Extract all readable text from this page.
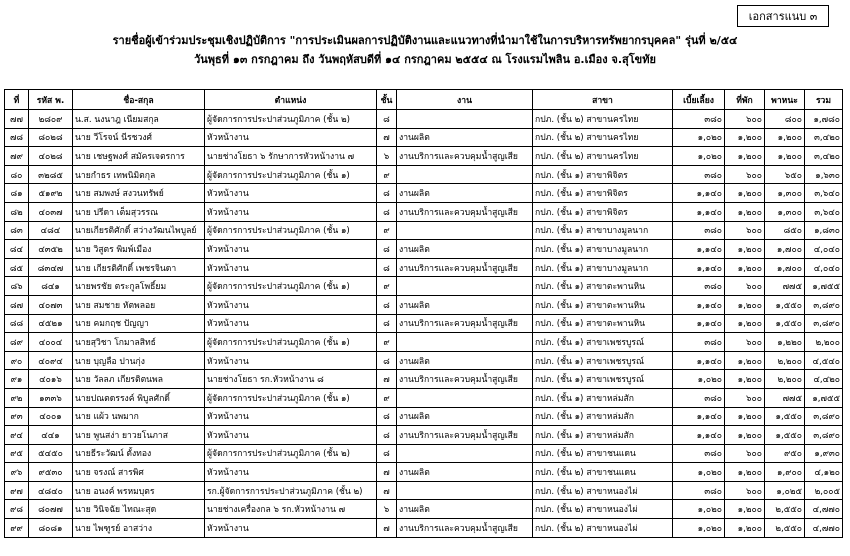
เอกสารแนบ ๓
รายชื่อผู้เข้าร่วมประชุมเชิงปฏิบัติการ "การประเมินผลการปฏิบัติงานและแนวทางที่นำมาใช้ในการบริหารทรัพยากรบุคคล" รุ่นที่ ๒/๕๔
วันพุธที่ ๑๓ กรกฎาคม ถึง วันพฤหัสบดีที่ ๑๔ กรกฎาคม ๒๕๕๔ ณ โรงแรมไพลิน อ.เมือง จ.สุโขทัย
ที่	รหัส พ.	ชื่อ-สกุล	ตำแหน่ง	ชั้น	งาน	สาขา	เบี้ยเลี้ยง	ที่พัก	พาหนะ	รวม
๗๗	๒๘๐๙	น.ส. นงนาฎ เนียมสกุล	ผู้จัดการการประปาส่วนภูมิภาค (ชั้น ๒)	๘		กปภ. (ชั้น ๒) สาขานครไทย	๓๘๐	๖๐๐	๘๐๐	๑,๗๘๐
๗๘	๘๐๒๘	นาย วีโรจน์ นีรชวงศ์	หัวหน้างาน	๗	งานผลิต	กปภ. (ชั้น ๒) สาขานครไทย	๑,๐๒๐	๑,๒๐๐	๑,๒๐๐	๓,๔๒๐
๗๙	๔๐๒๘	นาย เชษฐพงศ์ สมัครเจตรการ	นายช่างโยธา ๖ รักษาการหัวหน้างาน ๗	๖	งานบริการและควบคุมน้ำสูญเสีย	กปภ. (ชั้น ๒) สาขานครไทย	๑,๐๒๐	๑,๒๐๐	๑,๒๐๐	๓,๔๒๐
๘๐	๓๒๘๕	นายกำธร เทพนิมิตกุล	ผู้จัดการการประปาส่วนภูมิภาค (ชั้น ๑)	๙		กปภ. (ชั้น ๑) สาขาพิจิตร	๓๘๐	๖๐๐	๖๕๐	๑,๖๓๐
๘๑	๕๑๙๒	นาย สมพงษ์ สงวนทรัพย์	หัวหน้างาน	๘	งานผลิต	กปภ. (ชั้น ๑) สาขาพิจิตร	๑,๑๔๐	๑,๒๐๐	๑,๓๐๐	๓,๖๔๐
๘๒	๔๐๓๗	นาย ปรีดา เต็มสุวรรณ	หัวหน้างาน	๘	งานบริการและควบคุมน้ำสูญเสีย	กปภ. (ชั้น ๑) สาขาพิจิตร	๑,๑๔๐	๑,๒๐๐	๑,๓๐๐	๓,๖๔๐
๘๓	๔๘๔	นายเกียรติศักดิ์ สว่างวัฒนไพบูลย์	ผู้จัดการการประปาส่วนภูมิภาค (ชั้น ๑)	๙		กปภ. (ชั้น ๑) สาขาบางมูลนาก	๓๘๐	๖๐๐	๘๕๐	๑,๘๓๐
๘๔	๔๓๕๒	นาย วิสูตร พิมพ์เมือง	หัวหน้างาน	๘	งานผลิต	กปภ. (ชั้น ๑) สาขาบางมูลนาก	๑,๑๔๐	๑,๒๐๐	๑,๗๐๐	๔,๐๔๐
๘๕	๘๓๔๗	นาย เกียรติศักดิ์ เพชรจินดา	หัวหน้างาน	๘	งานบริการและควบคุมน้ำสูญเสีย	กปภ. (ชั้น ๑) สาขาบางมูลนาก	๑,๑๔๐	๑,๒๐๐	๑,๗๐๐	๔,๐๔๐
๘๖	๘๔๑	นายพรชัย ตระกูลโพธิ์ยม	ผู้จัดการการประปาส่วนภูมิภาค (ชั้น ๑)	๙		กปภ. (ชั้น ๑) สาขาตะพานหิน	๓๘๐	๖๐๐	๗๗๕	๑,๗๕๕
๘๗	๔๐๗๓	นาย สมชาย หัตพลอย	หัวหน้างาน	๘	งานผลิต	กปภ. (ชั้น ๑) สาขาตะพานหิน	๑,๑๔๐	๑,๒๐๐	๑,๕๕๐	๓,๘๙๐
๘๘	๔๕๒๑	นาย คมกฤช ปัญญา	หัวหน้างาน	๘	งานบริการและควบคุมน้ำสูญเสีย	กปภ. (ชั้น ๑) สาขาตะพานหิน	๑,๑๔๐	๑,๒๐๐	๑,๕๕๐	๓,๘๙๐
๘๙	๔๐๐๔	นายสุวิชา โกมาลสิทธ์	ผู้จัดการการประปาส่วนภูมิภาค (ชั้น ๑)	๙		กปภ. (ชั้น ๑) สาขาเพชรบูรณ์	๓๘๐	๖๐๐	๑,๒๒๐	๒,๒๐๐
๙๐	๔๐๙๔	นาย บุญลือ ปานกุ่ง	หัวหน้างาน	๘	งานผลิต	กปภ. (ชั้น ๑) สาขาเพชรบูรณ์	๑,๑๔๐	๑,๒๐๐	๒,๒๐๐	๔,๕๔๐
๙๑	๔๐๑๖	นาย วัลลภ เกียรติตนพล	นายช่างโยธา รก.หัวหน้างาน ๘	๗	งานบริการและควบคุมน้ำสูญเสีย	กปภ. (ชั้น ๑) สาขาเพชรบูรณ์	๑,๐๒๐	๑,๒๐๐	๒,๒๐๐	๔,๔๒๐
๙๒	๑๓๓๖	นายปณตดรรงค์ พิบูลศักดิ์	ผู้จัดการการประปาส่วนภูมิภาค (ชั้น ๑)	๙		กปภ. (ชั้น ๑) สาขาหล่มสัก	๓๘๐	๖๐๐	๗๗๕	๑,๗๕๕
๙๓	๔๐๐๑	นาย แผ้ว นพมาก	หัวหน้างาน	๘	งานผลิต	กปภ. (ชั้น ๑) สาขาหล่มสัก	๑,๑๔๐	๑,๒๐๐	๑,๕๕๐	๓,๘๙๐
๙๔	๔๔๑	นาย พูนสง่า ยาวยโนภาส	หัวหน้างาน	๘	งานบริการและควบคุมน้ำสูญเสีย	กปภ. (ชั้น ๑) สาขาหล่มสัก	๑,๑๔๐	๑,๒๐๐	๑,๕๕๐	๓,๘๙๐
๙๕	๕๔๕๐	นายธีระวัฒน์ ตั้งทอง	ผู้จัดการการประปาส่วนภูมิภาค (ชั้น ๒)	๘		กปภ. (ชั้น ๒) สาขาชนแดน	๓๘๐	๖๐๐	๙๕๐	๑,๙๓๐
๙๖	๙๕๓๐	นาย จรงณ์ สารพิศ	หัวหน้างาน	๗	งานผลิต	กปภ. (ชั้น ๒) สาขาชนแดน	๑,๐๒๐	๑,๒๐๐	๑,๙๐๐	๔,๑๒๐
๙๗	๔๘๔๐	นาย อนงค์ พรหมบุตร	รก.ผู้จัดการการประปาส่วนภูมิภาค (ชั้น ๒)	๗		กปภ. (ชั้น ๒) สาขาหนองไผ่	๓๘๐	๖๐๐	๑,๐๒๕	๒,๐๐๕
๙๘	๘๐๗๗	นาย วินิจฉัย ไทณะสุด	นายช่างเครื่องกล ๖ รก.หัวหน้างาน ๗	๖	งานผลิต	กปภ. (ชั้น ๒) สาขาหนองไผ่	๑,๐๒๐	๑,๒๐๐	๒,๕๕๐	๔,๗๗๐
๙๙	๘๐๘๑	นาย ไพฑูรย์ อาสว่าง	หัวหน้างาน	๗	งานบริการและควบคุมน้ำสูญเสีย	กปภ. (ชั้น ๒) สาขาหนองไผ่	๑,๐๒๐	๑,๒๐๐	๒,๕๕๐	๔,๗๗๐
